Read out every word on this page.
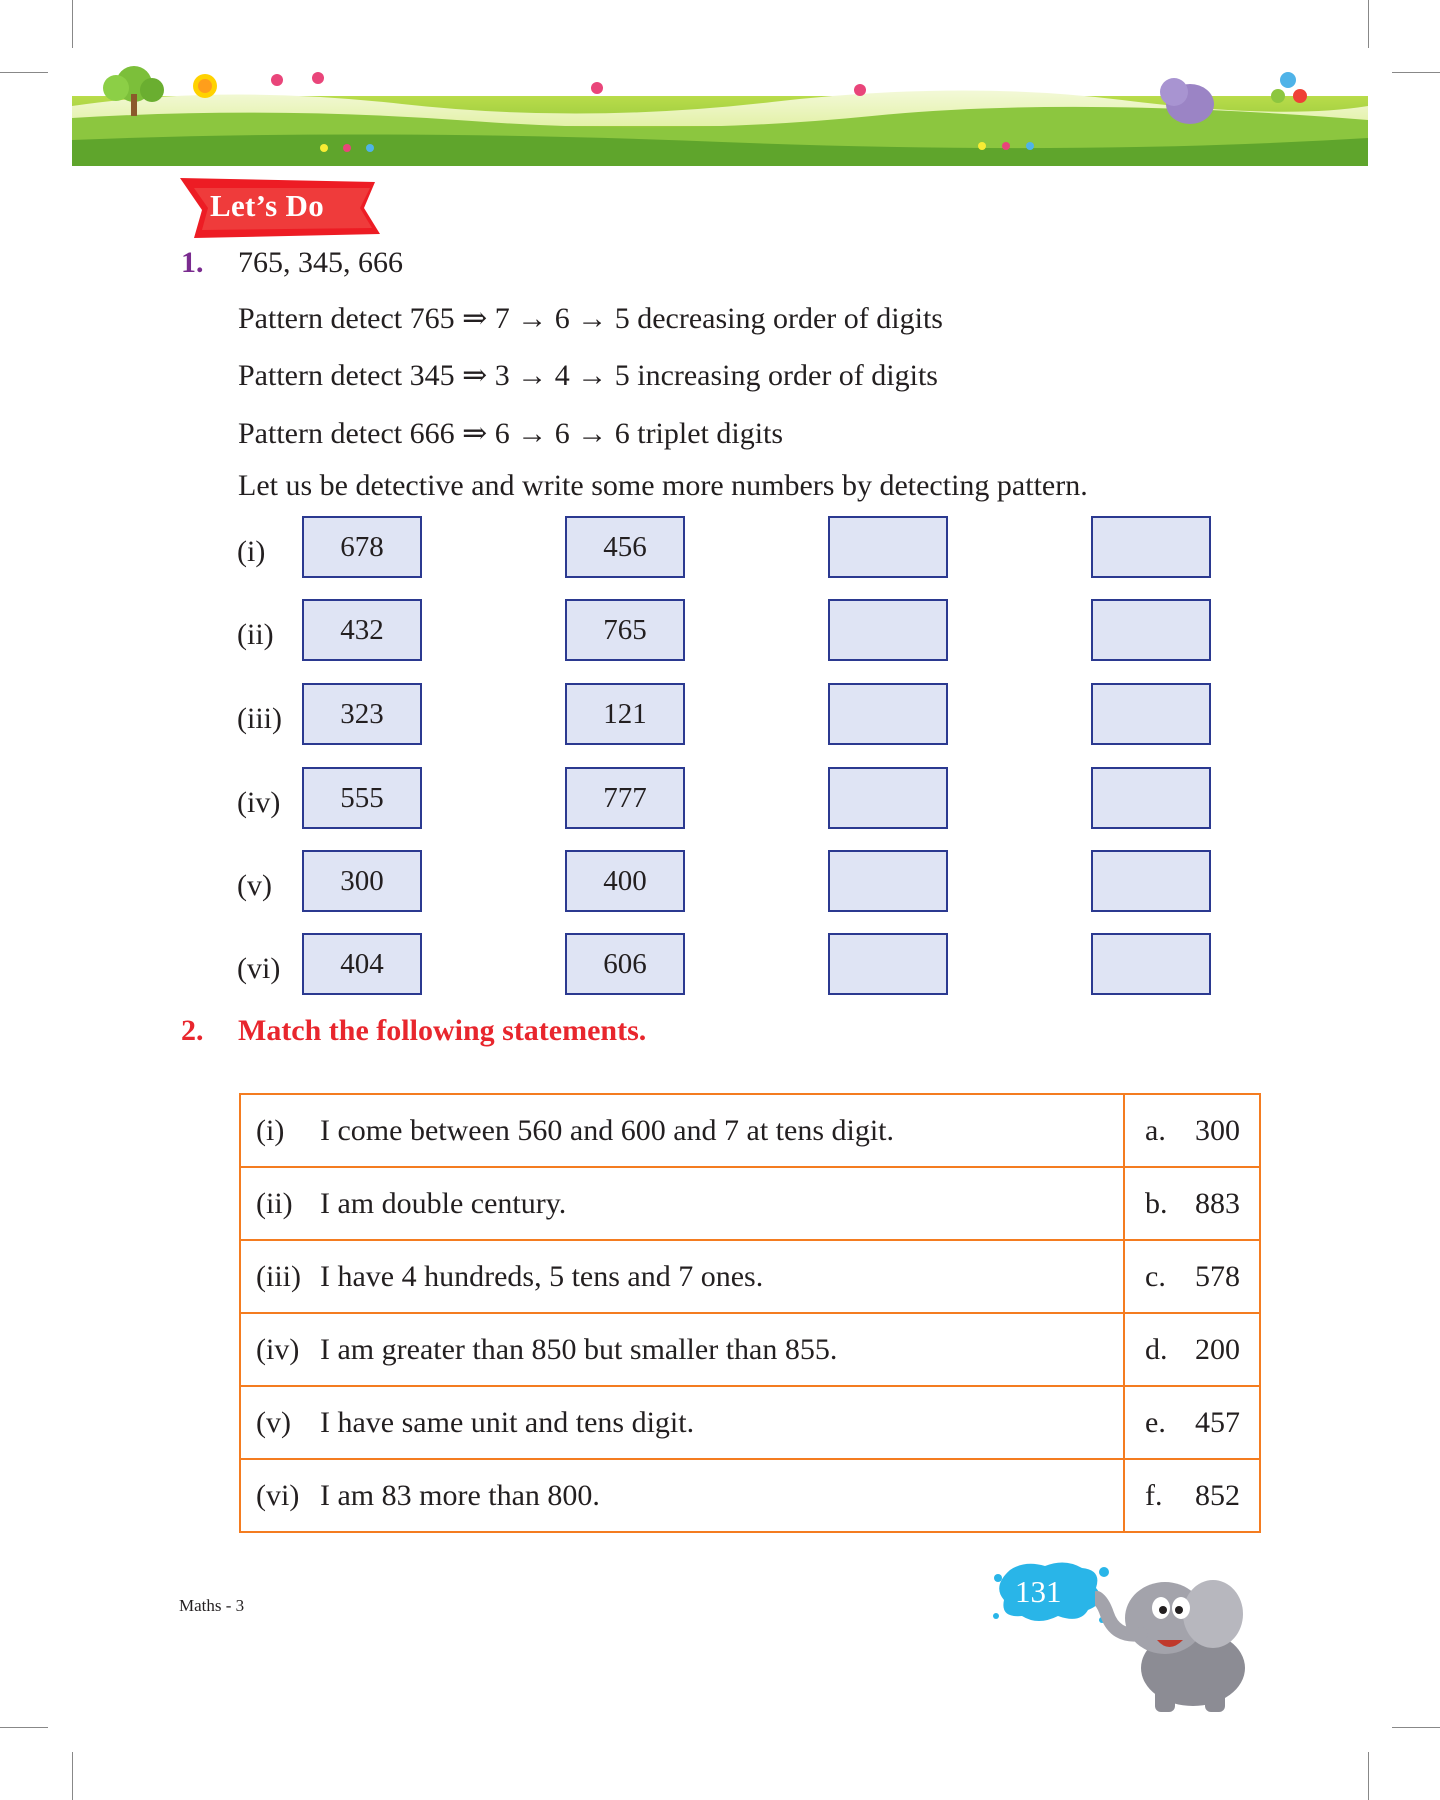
Let’s Do
1. 765, 345, 666
Pattern detect 765 ⇒ 7 → 6 → 5 decreasing order of digits
Pattern detect 345 ⇒ 3 → 4 → 5 increasing order of digits
Pattern detect 666 ⇒ 6 → 6 → 6 triplet digits
Let us be detective and write some more numbers by detecting pattern.
(i)	678	456
(ii)	432	765
(iii)	323	121
(iv)	555	777
(v)	300	400
(vi)	404	606
2. Match the following statements.
(i) I come between 560 and 600 and 7 at tens digit.	a. 300
(ii) I am double century.	b. 883
(iii) I have 4 hundreds, 5 tens and 7 ones.	c. 578
(iv) I am greater than 850 but smaller than 855.	d. 200
(v) I have same unit and tens digit.	e. 457
(vi) I am 83 more than 800.	f. 852
Maths - 3	131
